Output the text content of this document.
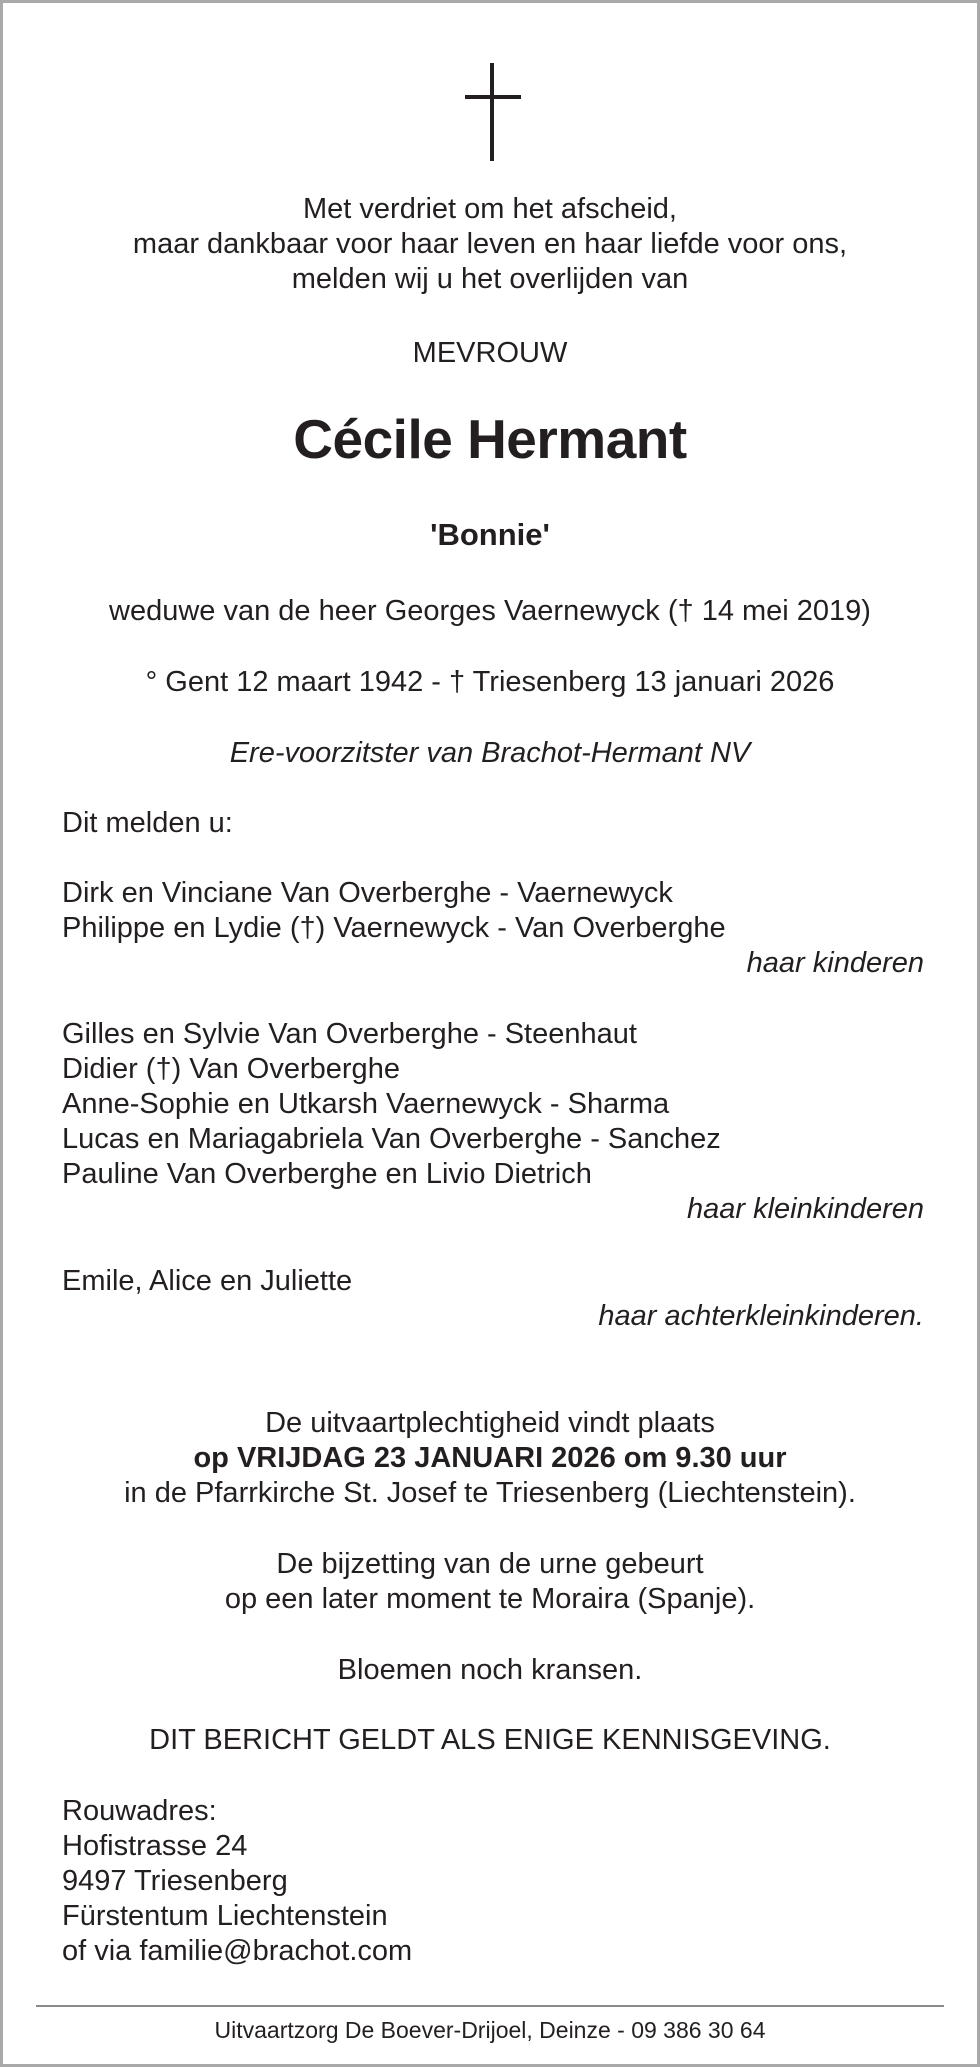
Met verdriet om het afscheid,
maar dankbaar voor haar leven en haar liefde voor ons,
melden wij u het overlijden van
MEVROUW
Cécile Hermant
'Bonnie'
weduwe van de heer Georges Vaernewyck († 14 mei 2019)
° Gent 12 maart 1942 - † Triesenberg 13 januari 2026
Ere-voorzitster van Brachot-Hermant NV
Dit melden u:
Dirk en Vinciane Van Overberghe - Vaernewyck
Philippe en Lydie (†) Vaernewyck - Van Overberghe
haar kinderen
Gilles en Sylvie Van Overberghe - Steenhaut
Didier (†) Van Overberghe
Anne-Sophie en Utkarsh Vaernewyck - Sharma
Lucas en Mariagabriela Van Overberghe - Sanchez
Pauline Van Overberghe en Livio Dietrich
haar kleinkinderen
Emile, Alice en Juliette
haar achterkleinkinderen.
De uitvaartplechtigheid vindt plaats
op VRIJDAG 23 JANUARI 2026 om 9.30 uur
in de Pfarrkirche St. Josef te Triesenberg (Liechtenstein).
De bijzetting van de urne gebeurt
op een later moment te Moraira (Spanje).
Bloemen noch kransen.
DIT BERICHT GELDT ALS ENIGE KENNISGEVING.
Rouwadres:
Hofistrasse 24
9497 Triesenberg
Fürstentum Liechtenstein
of via familie@brachot.com
Uitvaartzorg De Boever-Drijoel, Deinze - 09 386 30 64
